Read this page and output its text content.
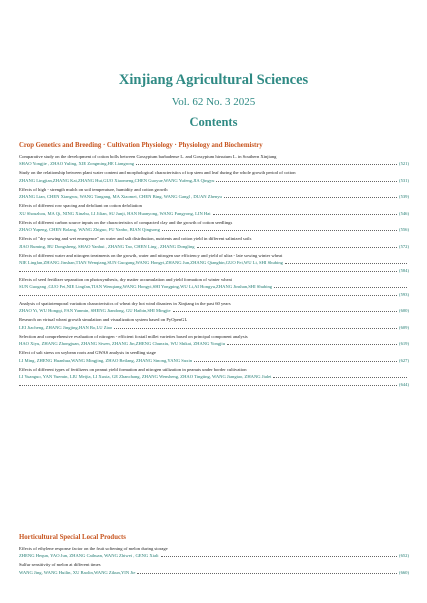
Xinjiang Agricultural Sciences
Vol. 62 No. 3 2025
Contents
Crop Genetics and Breeding · Cultivation Physiology · Physiology and Biochemistry
Comparative study on the development of cotton bolls between Gossypium barbadense L. and Gossypium hirsutum L. in Southern Xinjiang
SHAO Yongjie , ZHAO Yuling, XIE Zongming,HE Liangrong	(521)
Study on the relationship between plant water content and morphological characteristics of top stem and leaf during the whole growth period of cotton
ZHANG Lingjian,ZHANG Kai,ZHANG Hui,GUO Xiaomeng,CHEN Guoyue,WANG Yufeng,JIA Qingyu	(531)
Effects of high - strength mulch on soil temperature, humidity and cotton growth
ZHANG Lian, CHEN Xiangwu, WANG Tangang, MA Xiaomei, CHEN Bing, WANG Gangl , DUAN Zhenyu	(539)
Effects of different row spacing and defoliant on cotton defoliation
XU Shouzhou, MA Qi, NING Xinzhu, LI Jilian, SU Junji, HAN Huanyong, WANG Fangyong, LIN Hai	(546)
Effects of different carbon source inputs on the characteristics of compacted clay and the growth of cotton seedlings
ZHAO Yupeng, CHEN Bolang, WANG Zhiguo, FU Yanbo, BIAN Qingsong	(556)
Effects of "dry sowing and wet emergence" on water and salt distribution, nutrients and cotton yield in different salinized soils
JIAO Ruming, BU Dongsheng, SHAO Yanhui , ZHANG Tao, CHEN Ling , ZHANG Dongling	(572)
Effects of different water and nitrogen treatments on the growth, water and nitrogen use efficiency and yield of ultra - late sowing winter wheat
NIE Lingfan,ZHANG Jinshan,TIAN Wenqiang,SUN Guogang,WANG Hongyi,ZHANG Jun,ZHANG Qiangbin,GUO Fei,WU Li, SHI Shubing
(584)
Effects of seed fertilizer separation on photosynthesis, dry matter accumulation and yield formation of winter wheat
SUN Guogang ,GUO Fei,NIE Lingfan,TIAN Wenqiang,WANG Hongyi,SHI Yongping,WU Li,AI Hongyu,ZHANG Jinshan,SHI Shubing
(593)
Analysis of spatiotemporal variation characteristics of wheat dry hot wind disasters in Xinjiang in the past 60 years
ZHAO Yi, WU Hongqi, FAN Yanmin, SHENG Jiandong, GU Haibin,SHI Mingjie	(600)
Research on virtual wheat growth simulation and visualization system based on PyOpenGL
LEI Jiacheng, ZHANG Jingjing,HAN Bo,LU Ziao	(609)
Selection and comprehensive evaluation of nitrogen - efficient foxtail millet varieties based on principal component analysis
HAO Xiyu, ZHANG Zhongjuan, ZHANG Siwen, ZHANG Jin,ZHENG Chunxiu, WU Shikai, ZHANG Yongjiu	(619)
Effect of salt stress on soybean roots and GWAS analysis in seedling stage
LI Ming, ZHENG Huanhua,WANG Mingjing, ZHAO Beilang, ZHANG Sinong,YANG Suxin	(627)
Effects of different types of fertilizers on peanut yield formation and nitrogen utilization in peanuts under border cultivation
LI Yuanguo, YAN Yuemin, LIU Meijia, LI Xuxia, GE Zhanchang, ZHANG Wensheng, ZHAO Tingting, WANG Jiangtao, ZHANG Jialei
(644)
Horticultural Special Local Products
Effects of ethylene response factor on the fruit softening of melon during storage
ZHENG Hequn, YAO Jun, ZHANG Caihuan, WANG Zhiwei , GENG Xiali	(652)
Sulfur sensitivity of melon at different times
WANG Jing, WANG Huilin, XU Baolin,WANG Zikun,YIN Jie	(660)
